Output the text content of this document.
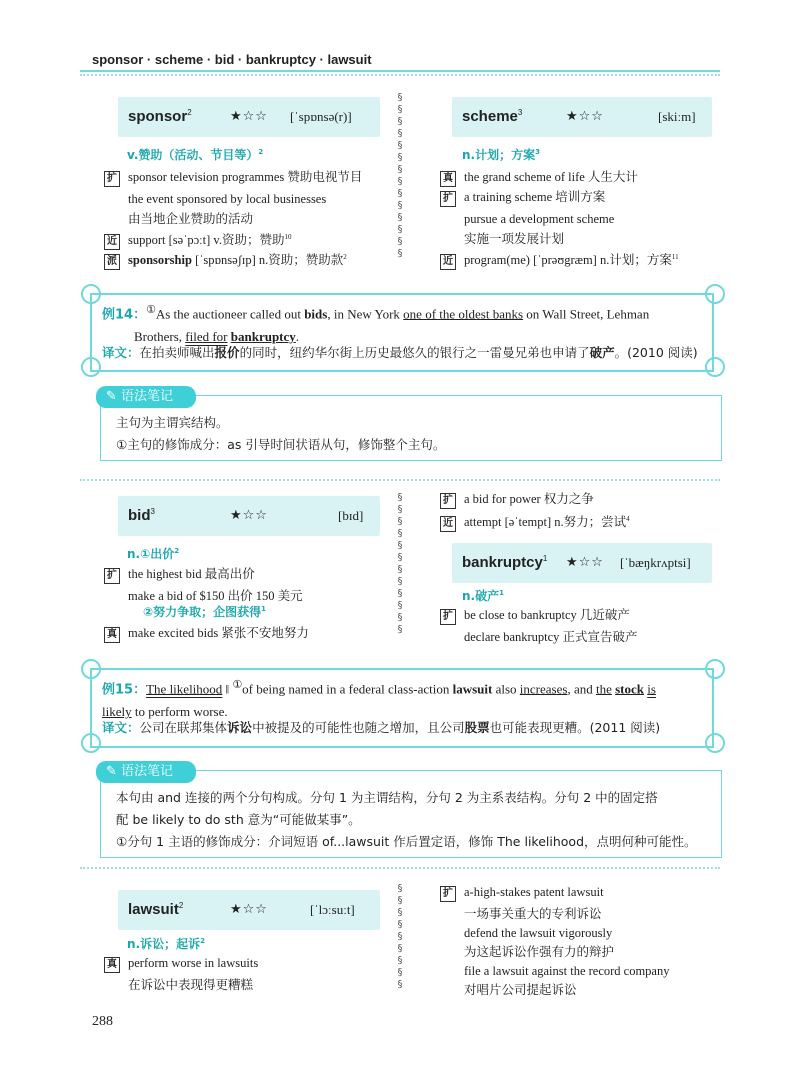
sponsor · scheme · bid · bankruptcy · lawsuit
sponsor$^2$	★☆☆ [ˈspɒnsə(r)]
v.赞助（活动、节目等）$^2$
扩 sponsor television programmes 赞助电视节目
the event sponsored by local businesses
由当地企业赞助的活动
近 support [səˈpɔːt] v.资助；赞助$^{10}$
派 sponsorship [ˈspɒnsəʃɪp] n.资助；赞助款$^2$
§
§
§
§
§
§
§
§
§
§
§
§
§
§
scheme$^3$	★☆☆	[skiːm]
n.计划；方案$^3$
真 the grand scheme of life 人生大计
扩 a training scheme 培训方案
pursue a development scheme
实施一项发展计划
近 program(me) [ˈprəʊgræm] n.计划；方案$^{11}$
例14：①As the auctioneer called out bids, in New York one of the oldest banks on Wall Street, Lehman
Brothers, filed for bankruptcy.
译文：在拍卖师喊出报价的同时，纽约华尔街上历史最悠久的银行之一雷曼兄弟也申请了破产。(2010 阅读)
✎ 语法笔记
主句为主谓宾结构。
①主句的修饰成分：as 引导时间状语从句，修饰整个主句。
bid$^3$	★☆☆	[bɪd]
n.①出价$^2$
扩 the highest bid 最高出价
make a bid of $150 出价 150 美元
②努力争取；企图获得$^1$
真 make excited bids 紧张不安地努力
§
§
§
§
§
§
§
§
§
§
§
§
扩 a bid for power 权力之争
近 attempt [əˈtempt] n.努力；尝试$^4$
bankruptcy$^1$ ★☆☆ [ˈbæŋkrʌptsi]
n.破产$^1$
扩 be close to bankruptcy 几近破产
declare bankruptcy 正式宣告破产
例15：The likelihood ‖ ①of being named in a federal class-action lawsuit also increases, and the stock is
likely to perform worse.
译文：公司在联邦集体诉讼中被提及的可能性也随之增加，且公司股票也可能表现更糟。(2011 阅读)
✎ 语法笔记
本句由 and 连接的两个分句构成。分句 1 为主谓结构，分句 2 为主系表结构。分句 2 中的固定搭
配 be likely to do sth 意为“可能做某事”。
①分句 1 主语的修饰成分：介词短语 of...lawsuit 作后置定语，修饰 The likelihood，点明何种可能性。
lawsuit$^2$	★☆☆	[ˈlɔːsuːt]
n.诉讼；起诉$^2$
真 perform worse in lawsuits
在诉讼中表现得更糟糕
§
§
§
§
§
§
§
§
§
扩 a-high-stakes patent lawsuit
一场事关重大的专利诉讼
defend the lawsuit vigorously
为这起诉讼作强有力的辩护
file a lawsuit against the record company
对唱片公司提起诉讼
288
